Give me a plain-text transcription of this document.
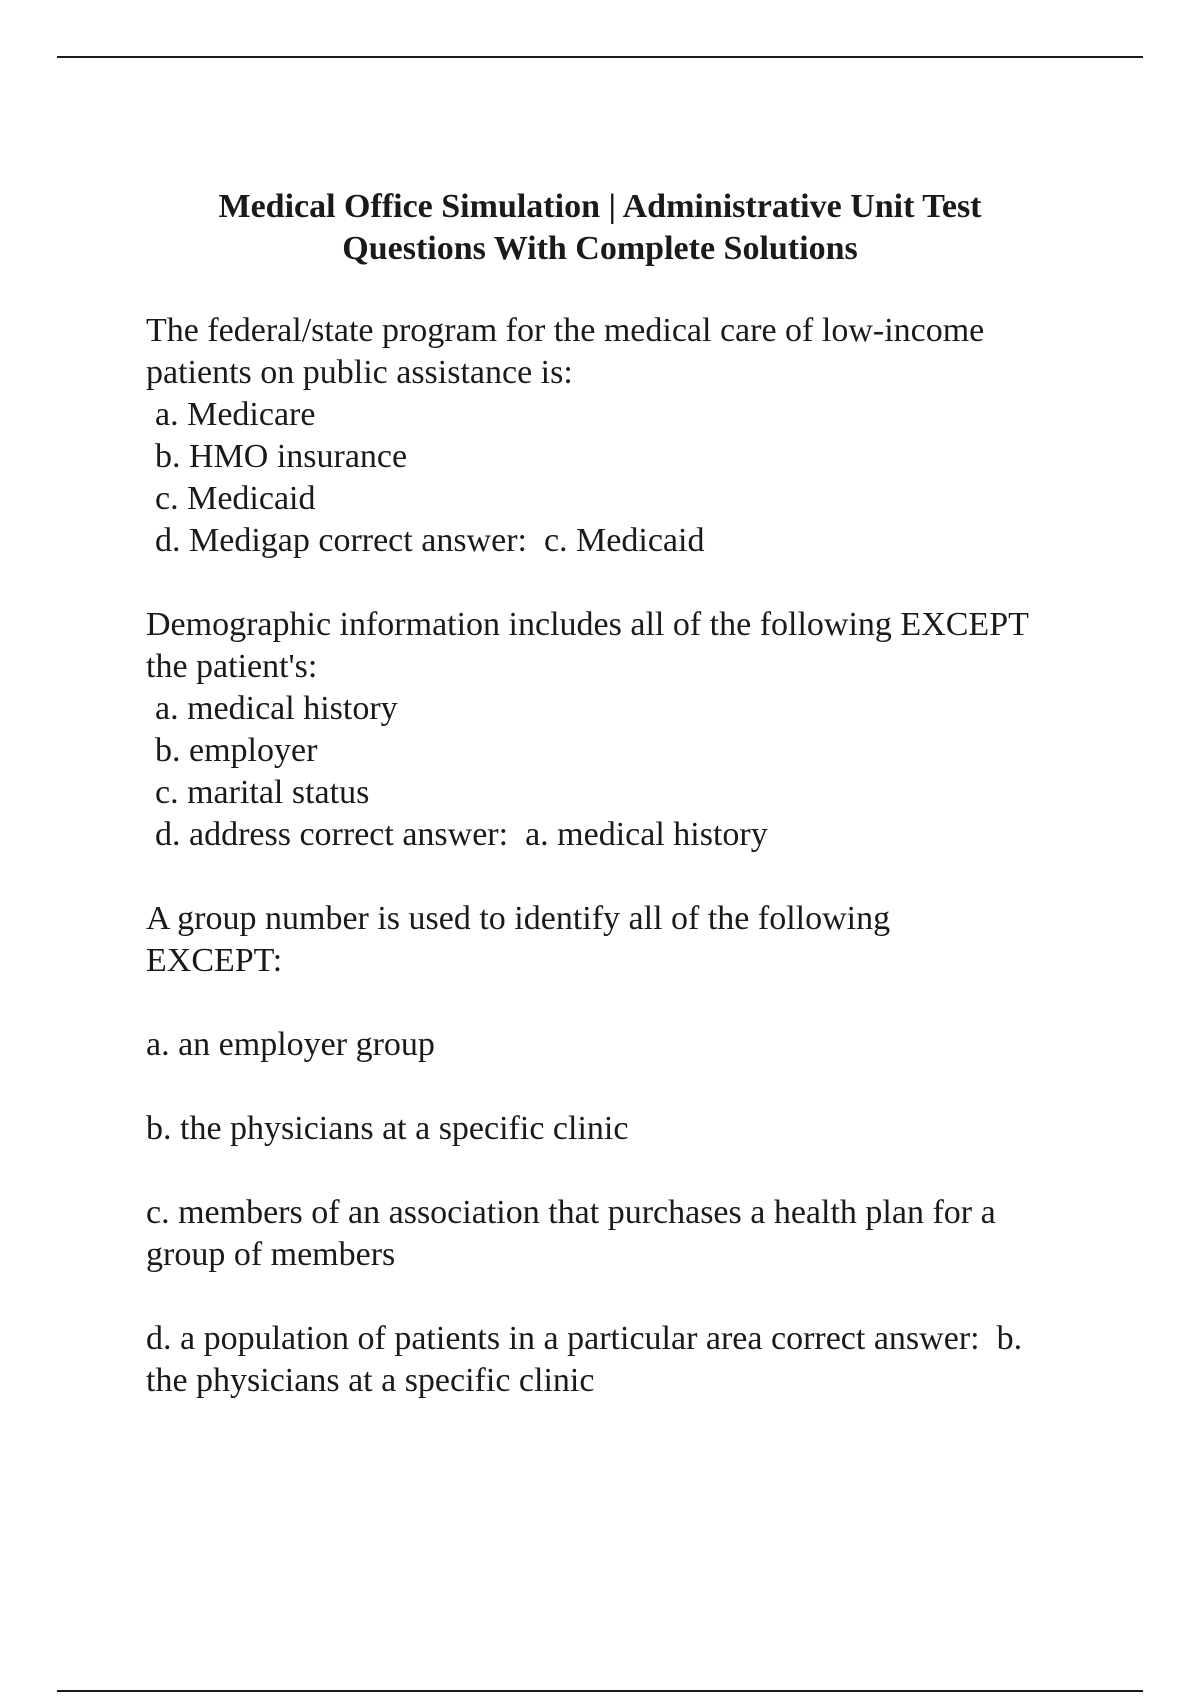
Medical Office Simulation | Administrative Unit Test
Questions With Complete Solutions
The federal/state program for the medical care of low-income
patients on public assistance is:
a. Medicare
b. HMO insurance
c. Medicaid
d. Medigap correct answer:  c. Medicaid
Demographic information includes all of the following EXCEPT
the patient's:
a. medical history
b. employer
c. marital status
d. address correct answer:  a. medical history
A group number is used to identify all of the following
EXCEPT:
a. an employer group
b. the physicians at a specific clinic
c. members of an association that purchases a health plan for a
group of members
d. a population of patients in a particular area correct answer:  b.
the physicians at a specific clinic
